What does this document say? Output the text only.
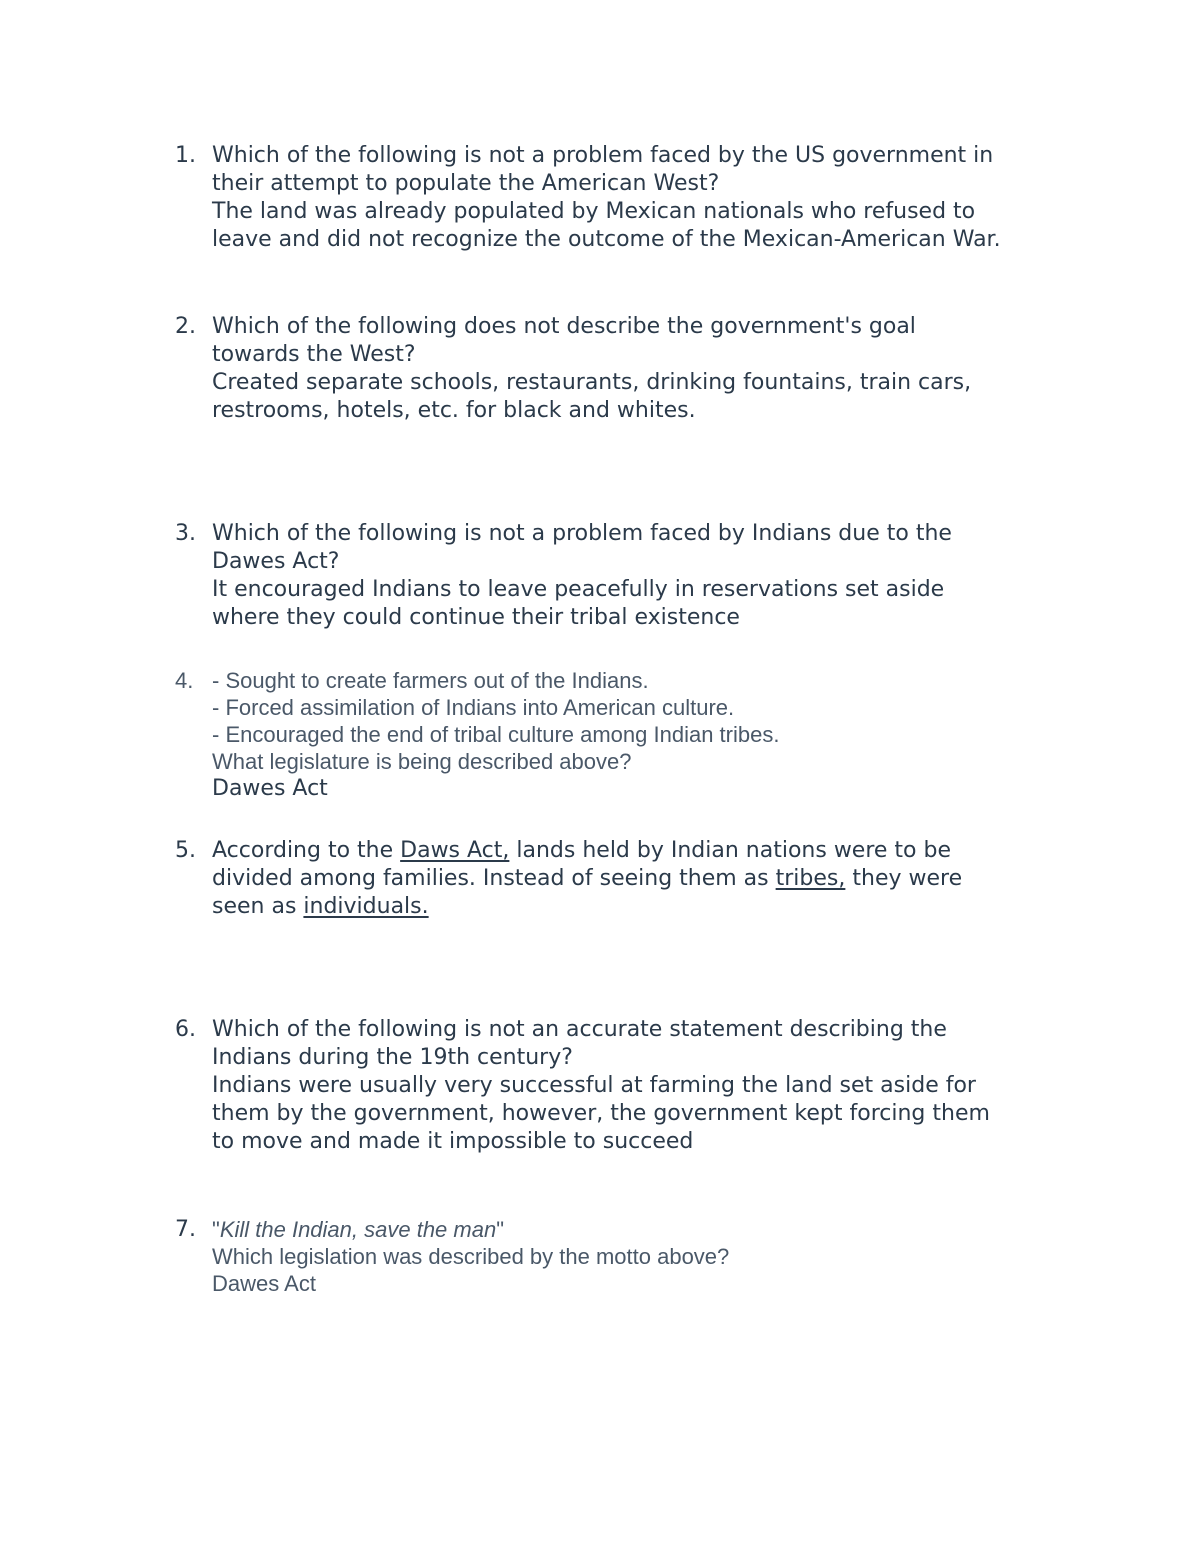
1. Which of the following is not a problem faced by the US government in
their attempt to populate the American West?
The land was already populated by Mexican nationals who refused to
leave and did not recognize the outcome of the Mexican-American War.
2. Which of the following does not describe the government's goal
towards the West?
Created separate schools, restaurants, drinking fountains, train cars,
restrooms, hotels, etc. for black and whites.
3. Which of the following is not a problem faced by Indians due to the
Dawes Act?
It encouraged Indians to leave peacefully in reservations set aside
where they could continue their tribal existence
4. - Sought to create farmers out of the Indians.
- Forced assimilation of Indians into American culture.
- Encouraged the end of tribal culture among Indian tribes.
What legislature is being described above?
Dawes Act
5. According to the Daws Act, lands held by Indian nations were to be
divided among families. Instead of seeing them as tribes, they were
seen as individuals.
6. Which of the following is not an accurate statement describing the
Indians during the 19th century?
Indians were usually very successful at farming the land set aside for
them by the government, however, the government kept forcing them
to move and made it impossible to succeed
7. "Kill the Indian, save the man"
Which legislation was described by the motto above?
Dawes Act
